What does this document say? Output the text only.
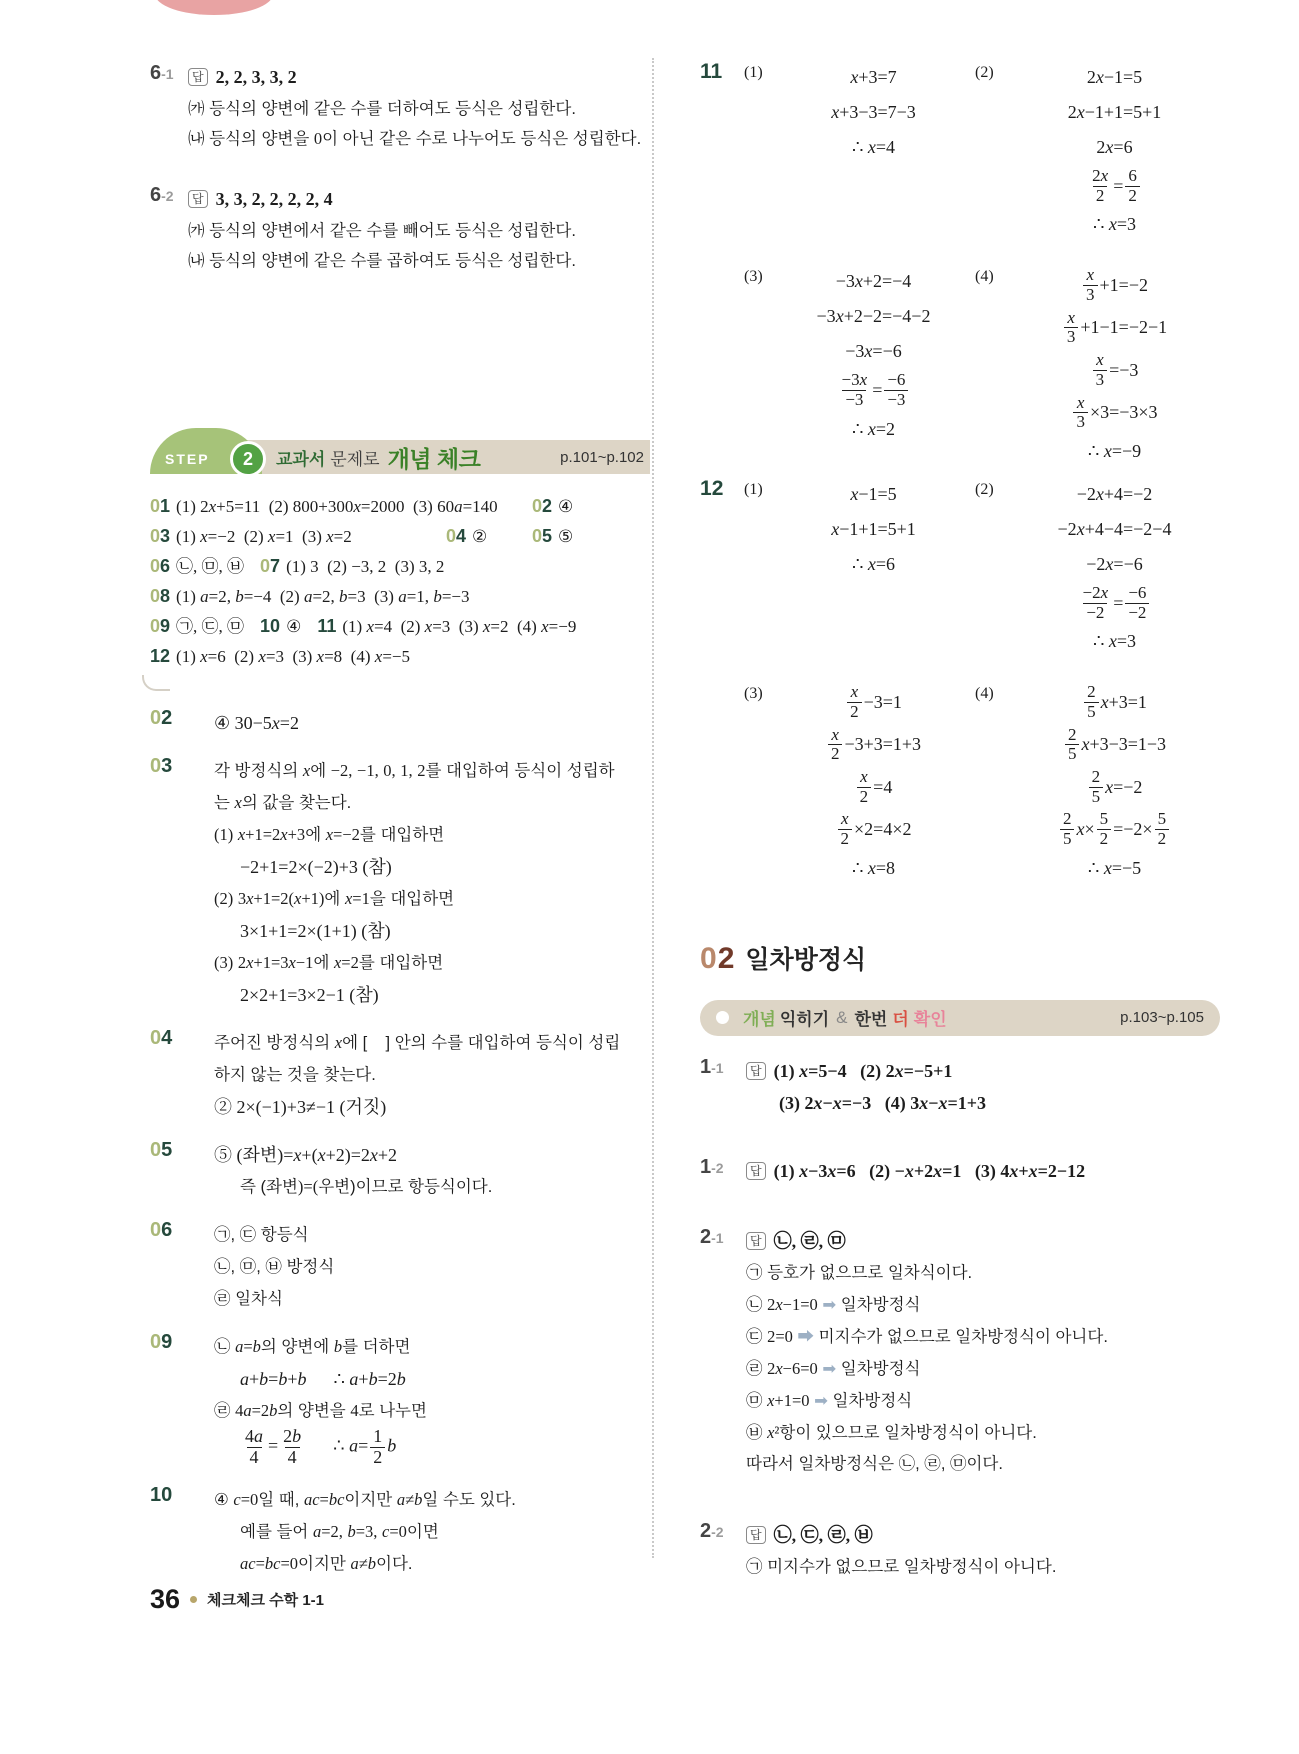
6-1	답 2, 2, 3, 3, 2
㈎ 등식의 양변에 같은 수를 더하여도 등식은 성립한다.
㈏ 등식의 양변을 0이 아닌 같은 수로 나누어도 등식은 성립한다.
6-2	답 3, 3, 2, 2, 2, 2, 4
㈎ 등식의 양변에서 같은 수를 빼어도 등식은 성립한다.
㈏ 등식의 양변에 같은 수를 곱하여도 등식은 성립한다.
STEP	2	교과서 문제로 개념 체크	p.101~p.102
01 (1) 2x+5=11  (2) 800+300x=2000  (3) 60a=140	02 ④
03 (1) x=−2  (2) x=1  (3) x=2	04 ②	05 ⑤
06 ㉡, ㉤, ㉥ 07 (1) 3  (2) −3, 2  (3) 3, 2
08 (1) a=2, b=−4  (2) a=2, b=3  (3) a=1, b=−3
09 ㉠, ㉢, ㉤ 10 ④ 11 (1) x=4  (2) x=3  (3) x=2  (4) x=−9
12 (1) x=6  (2) x=3  (3) x=8  (4) x=−5
02	④ 30−5x=2
03	각 방정식의 x에 −2, −1, 0, 1, 2를 대입하여 등식이 성립하
는 x의 값을 찾는다.
(1) x+1=2x+3에 x=−2를 대입하면
−2+1=2×(−2)+3 (참)
(2) 3x+1=2(x+1)에 x=1을 대입하면
3×1+1=2×(1+1) (참)
(3) 2x+1=3x−1에 x=2를 대입하면
2×2+1=3×2−1 (참)
04	주어진 방정식의 x에 [ ] 안의 수를 대입하여 등식이 성립
하지 않는 것을 찾는다.
② 2×(−1)+3≠−1 (거짓)
05	⑤ (좌변)=x+(x+2)=2x+2
즉 (좌변)=(우변)이므로 항등식이다.
06	㉠, ㉢ 항등식
㉡, ㉤, ㉥ 방정식
㉣ 일차식
09	㉡ a=b의 양변에 b를 더하면
a+b=b+b      ∴ a+b=2b
㉣ 4a=2b의 양변을 4로 나누면
$\frac{4a}{4} = \frac{2b}{4}$ ∴ $a= \frac{1}{2}$ b
10	④ c=0일 때, ac=bc이지만 a≠b일 수도 있다.
예를 들어 a=2, b=3, c=0이면
ac=bc=0이지만 a≠b이다.
11	(1)	x +3=7
x +3−3=7−3
∴ x =4
(2)	2 x −1=5
2 x −1+1=5+1
2 x =6
$\frac{2x}{2} = \frac{6}{2}$
∴ x =3
(3)	−3 x +2=−4
−3 x +2−2=−4−2
−3 x =−6
$\frac{-3x}{-3} = \frac{-6}{-3}$
∴ x =2
(4)	$\frac{x}{3} +1=-2$
$\frac{x}{3} +1-1=-2-1$
$\frac{x}{3} =-3$
$\frac{x}{3} \times 3=-3\times 3$
∴ x =−9
12	(1)	x −1=5
x −1+1=5+1
∴ x =6
(2)	−2 x +4=−2
−2 x +4−4=−2−4
−2 x =−6
$\frac{-2x}{-2} = \frac{-6}{-2}$
∴ x =3
(3)	$\frac{x}{2} -3=1$
$\frac{x}{2} -3+3=1+3$
$\frac{x}{2} =4$
$\frac{x}{2} \times 2=4\times 2$
∴ x =8
(4)	$\frac{2}{5}$ x +3=1
$\frac{2}{5}$ x +3−3=1−3
$\frac{2}{5}$ x =−2
$\frac{2}{5}$ $x \times \frac{5}{2} =-2\times \frac{5}{2}$
∴ x =−5
02 일차방정식
개념 익히기 & 한번 더 확인	p.103~p.105
1-1	답 (1) x=5−4   (2) 2x=−5+1
(3) 2x−x=−3   (4) 3x−x=1+3
1-2	답 (1) x−3x=6   (2) −x+2x=1   (3) 4x+x=2−12
2-1	답 ㉡, ㉣, ㉤
㉠ 등호가 없으므로 일차식이다.
㉡ 2x−1=0 ➡ 일차방정식
㉢ 2=0 ➡ 미지수가 없으므로 일차방정식이 아니다.
㉣ 2x−6=0 ➡ 일차방정식
㉤ x+1=0 ➡ 일차방정식
㉥ x²항이 있으므로 일차방정식이 아니다.
따라서 일차방정식은 ㉡, ㉣, ㉤이다.
2-2	답 ㉡, ㉢, ㉣, ㉥
㉠ 미지수가 없으므로 일차방정식이 아니다.
36 체크체크 수학 1-1
